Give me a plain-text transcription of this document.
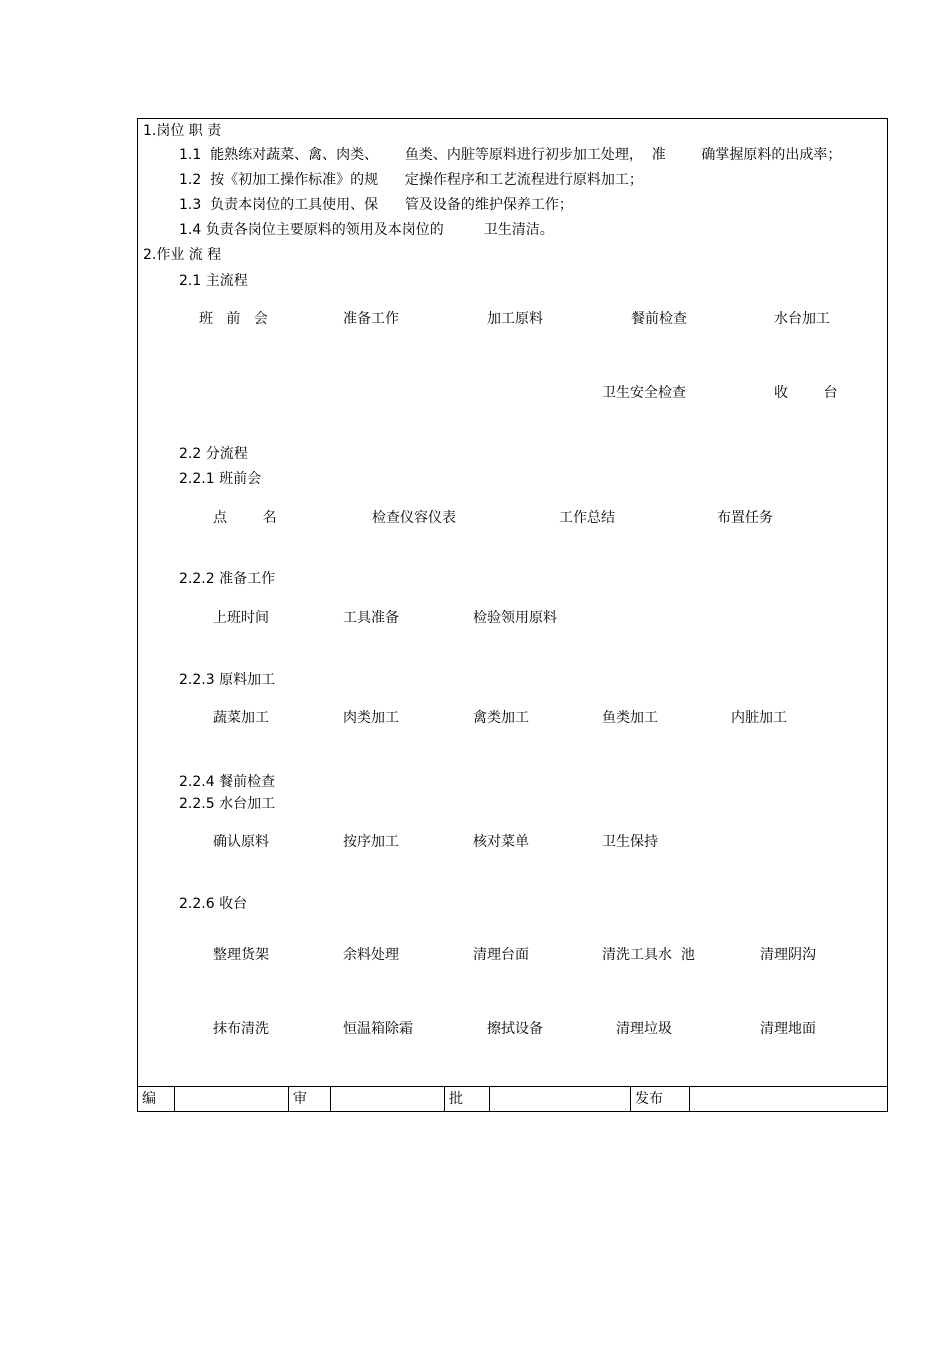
1.岗位 职 责
1.1  能熟练对蔬菜、禽、肉类、      鱼类、内脏等原料进行初步加工处理，  准        确掌握原料的出成率；
1.2  按《初加工操作标准》的规      定操作程序和工艺流程进行原料加工；
1.3  负责本岗位的工具使用、保      管及设备的维护保养工作；
1.4 负责各岗位主要原料的领用及本岗位的         卫生清洁。
2.作业 流 程
2.1 主流程
班   前   会	准备工作	加工原料	餐前检查	水台加工
卫生安全检查	收        台
2.2 分流程
2.2.1 班前会
点        名	检查仪容仪表	工作总结	布置任务
2.2.2 准备工作
上班时间	工具准备	检验领用原料
2.2.3 原料加工
蔬菜加工	肉类加工	禽类加工	鱼类加工	内脏加工
2.2.4 餐前检查
2.2.5 水台加工
确认原料	按序加工	核对菜单	卫生保持
2.2.6 收台
整理货架	余料处理	清理台面	清洗工具水  池	清理阴沟
抹布清洗	恒温箱除霜	擦拭设备	清理垃圾	清理地面
编	审	批	发布
